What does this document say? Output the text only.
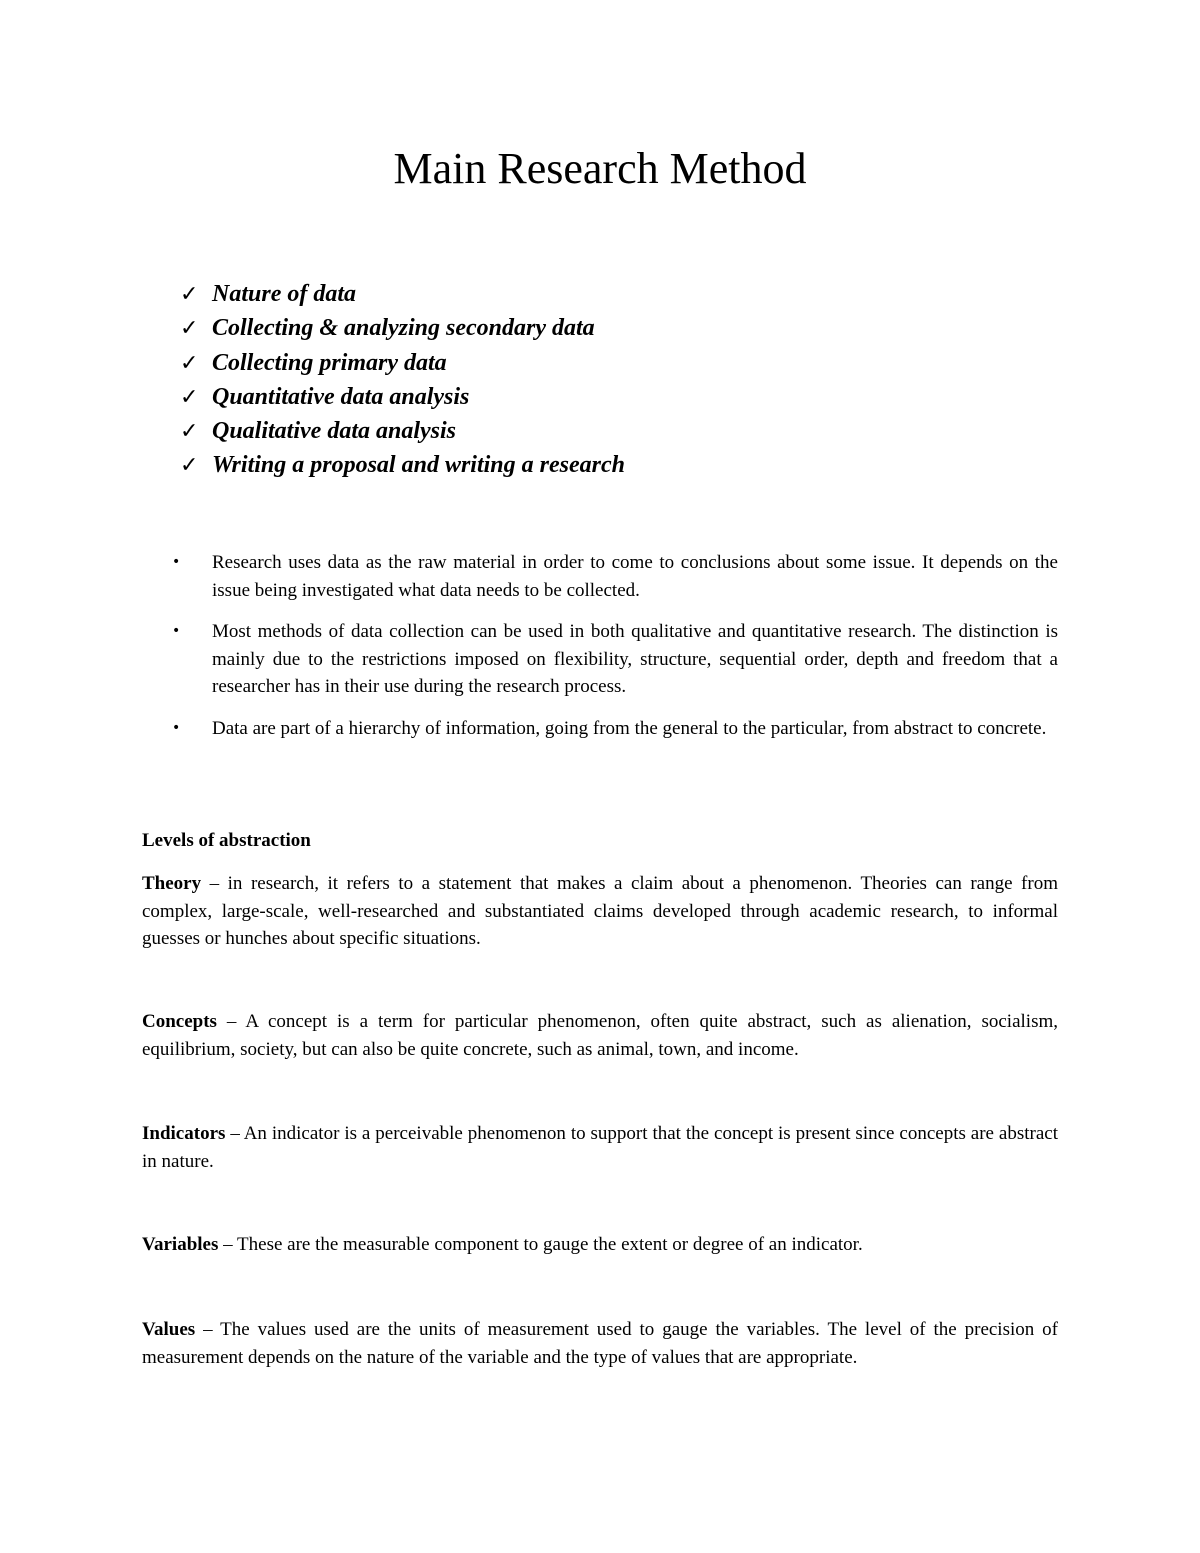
Main Research Method
✓ Nature of data
✓ Collecting & analyzing secondary data
✓ Collecting primary data
✓ Quantitative data analysis
✓ Qualitative data analysis
✓ Writing a proposal and writing a research
•	Research uses data as the raw material in order to come to conclusions about some issue. It depends on the issue being investigated what data needs to be collected.
•	Most methods of data collection can be used in both qualitative and quantitative research. The distinction is mainly due to the restrictions imposed on flexibility, structure, sequential order, depth and freedom that a researcher has in their use during the research process.
•	Data are part of a hierarchy of information, going from the general to the particular, from abstract to concrete.
Levels of abstraction

Theory – in research, it refers to a statement that makes a claim about a phenomenon. Theories can range from complex, large-scale, well-researched and substantiated claims developed through academic research, to informal guesses or hunches about specific situations.

Concepts – A concept is a term for particular phenomenon, often quite abstract, such as alienation, socialism, equilibrium, society, but can also be quite concrete, such as animal, town, and income.

Indicators – An indicator is a perceivable phenomenon to support that the concept is present since concepts are abstract in nature.

Variables – These are the measurable component to gauge the extent or degree of an indicator.

Values – The values used are the units of measurement used to gauge the variables. The level of the precision of measurement depends on the nature of the variable and the type of values that are appropriate.
